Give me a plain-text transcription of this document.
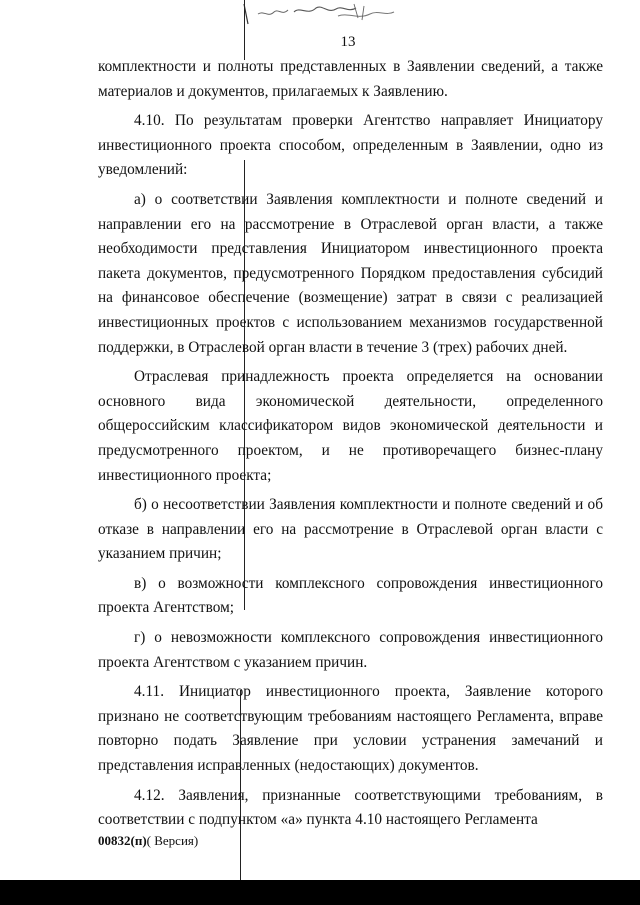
13

комплектности и полноты представленных в Заявлении сведений, а также материалов и документов, прилагаемых к Заявлению.

4.10. По результатам проверки Агентство направляет Инициатору инвестиционного проекта способом, определенным в Заявлении, одно из уведомлений:

а) о соответствии Заявления комплектности и полноте сведений и направлении его на рассмотрение в Отраслевой орган власти, а также необходимости представления Инициатором инвестиционного проекта пакета документов, предусмотренного Порядком предоставления субсидий на финансовое обеспечение (возмещение) затрат в связи с реализацией инвестиционных проектов с использованием механизмов государственной поддержки, в Отраслевой орган власти в течение 3 (трех) рабочих дней.

Отраслевая принадлежность проекта определяется на основании основного вида экономической деятельности, определенного общероссийским классификатором видов экономической деятельности и предусмотренного проектом, и не противоречащего бизнес-плану инвестиционного проекта;

б) о несоответствии Заявления комплектности и полноте сведений и об отказе в направлении его на рассмотрение в Отраслевой орган власти с указанием причин;

в) о возможности комплексного сопровождения инвестиционного проекта Агентством;

г) о невозможности комплексного сопровождения инвестиционного проекта Агентством с указанием причин.

4.11. Инициатор инвестиционного проекта, Заявление которого признано не соответствующим требованиям настоящего Регламента, вправе повторно подать Заявление при условии устранения замечаний и представления исправленных (недостающих) документов.

4.12. Заявления, признанные соответствующими требованиям, в соответствии с подпунктом «а» пункта 4.10 настоящего Регламента

00832(п)( Версия)
